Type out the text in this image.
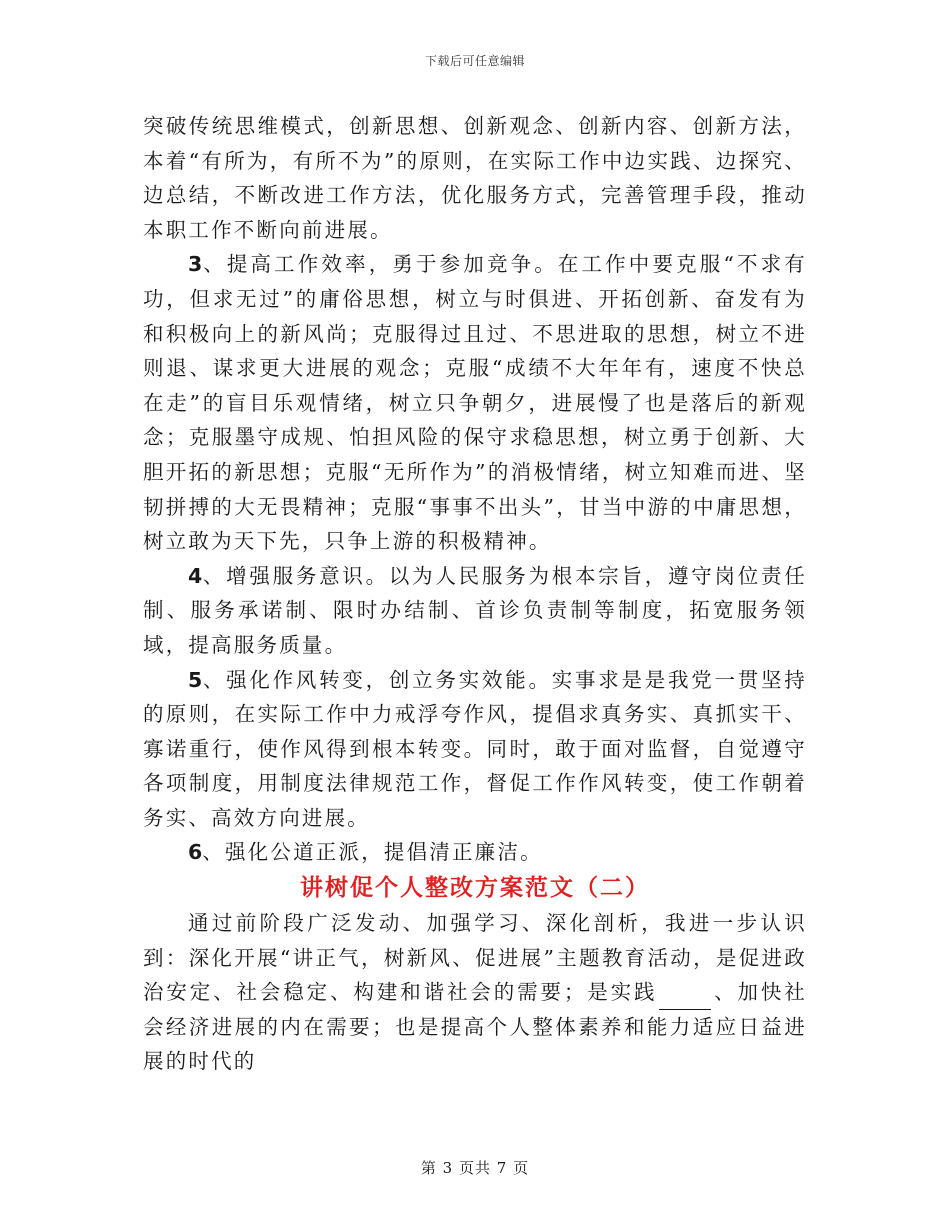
下载后可任意编辑

突破传统思维模式，创新思想、创新观念、创新内容、创新方法，本着“有所为，有所不为”的原则，在实际工作中边实践、边探究、边总结，不断改进工作方法，优化服务方式，完善管理手段，推动本职工作不断向前进展。

3、提高工作效率，勇于参加竞争。在工作中要克服“不求有功，但求无过”的庸俗思想，树立与时俱进、开拓创新、奋发有为和积极向上的新风尚；克服得过且过、不思进取的思想，树立不进则退、谋求更大进展的观念；克服“成绩不大年年有，速度不快总在走”的盲目乐观情绪，树立只争朝夕，进展慢了也是落后的新观念；克服墨守成规、怕担风险的保守求稳思想，树立勇于创新、大胆开拓的新思想；克服“无所作为”的消极情绪，树立知难而进、坚韧拼搏的大无畏精神；克服“事事不出头”，甘当中游的中庸思想，树立敢为天下先，只争上游的积极精神。

4、增强服务意识。以为人民服务为根本宗旨，遵守岗位责任制、服务承诺制、限时办结制、首诊负责制等制度，拓宽服务领域，提高服务质量。

5、强化作风转变，创立务实效能。实事求是是我党一贯坚持的原则，在实际工作中力戒浮夸作风，提倡求真务实、真抓实干、寡诺重行，使作风得到根本转变。同时，敢于面对监督，自觉遵守各项制度，用制度法律规范工作，督促工作作风转变，使工作朝着务实、高效方向进展。

6、强化公道正派，提倡清正廉洁。

讲树促个人整改方案范文（二）

通过前阶段广泛发动、加强学习、深化剖析，我进一步认识到：深化开展“讲正气，树新风、促进展”主题教育活动，是促进政治安定、社会稳定、构建和谐社会的需要；是实践	、加快社会经济进展的内在需要；也是提高个人整体素养和能力适应日益进展的时代的

第 3 页共 7 页
